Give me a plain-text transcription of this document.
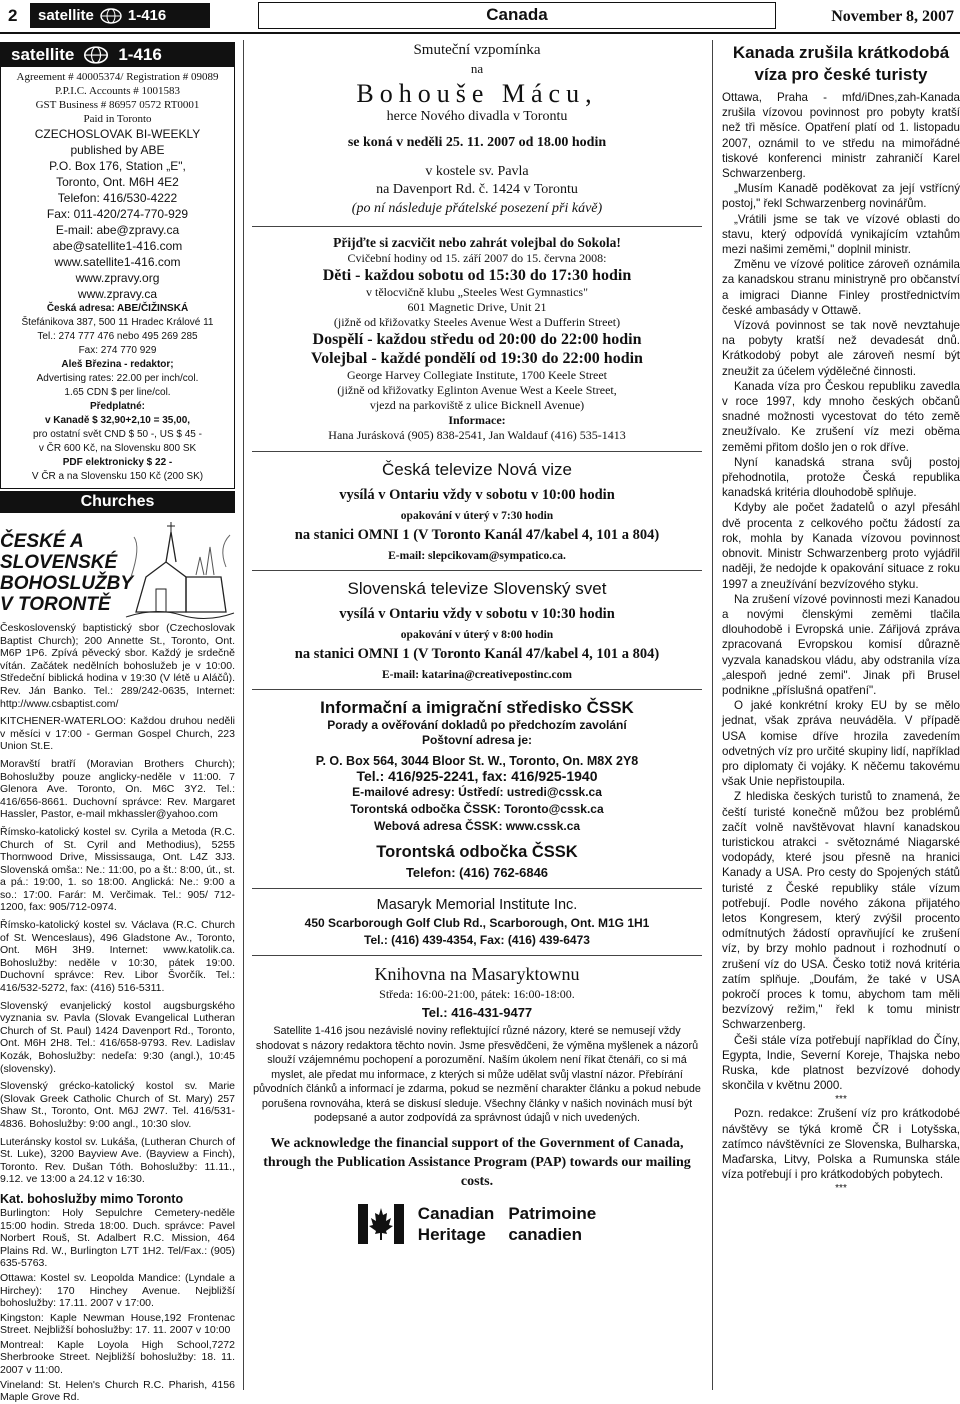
2 satellite 1-416	Canada	November 8, 2007
satellite	1-416

Agreement # 40005374/ Registration # 09089

P.P.I.C. Accounts # 1001583

GST Business # 86957 0572 RT0001

Paid in Toronto

CZECHOSLOVAK BI-WEEKLY

published by ABE

P.O. Box 176, Station „E",

Toronto, Ont. M6H 4E2

Telefon: 416/530-4222

Fax: 011-420/274-770-929

E-mail: abe@zpravy.ca

abe@satellite1-416.com

www.satellite1-416.com

www.zpravy.org

www.zpravy.ca

Česká adresa: ABE/ČIŽINSKÁ

Štefánikova 387, 500 11 Hradec Králové 11

Tel.: 274 777 476 nebo 495 269 285

Fax: 274 770 929

Aleš Březina - redaktor;

Advertising rates: 22.00 per inch/col.

1.65 CDN $ per line/col.

Předplatné:

v Kanadě $ 32,90+2,10 = 35,00,

pro ostatní svět CND $ 50 -, US $ 45 -

v ČR 600 Kč, na Slovensku 800 SK

PDF elektronicky $ 22 -

V ČR a na Slovensku 150 Kč (200 SK)

Churches
ČESKÉ A SLOVENSKÉ BOHOSLUŽBY V TORONTĚ

Československý baptistický sbor (Czechoslovak Baptist Church); 200 Annette St., Toronto, Ont. M6P 1P6. Zpívá pěvecký sbor. Každý je srdečně vítán. Začátek nedělních bohoslužeb je v 10:00. Středeční biblická hodina v 19:30 (V létě u Aláčů). Rev. Ján Banko. Tel.: 289/242-0635, Internet: http://www.csbaptist.com/

KITCHENER-WATERLOO: Každou druhou neděli v měsíci v 17:00 - German Gospel Church, 223 Union St.E.

Moravští bratří (Moravian Brothers Church); Bohoslužby pouze anglicky-neděle v 11:00. 7 Glenora Ave. Toronto, On. M6C 3Y2. Tel.: 416/656-8661. Duchovní správce: Rev. Margaret Hassler, Pastor, e-mail mkhassler@yahoo.com

Římsko-katolický kostel sv. Cyrila a Metoda (R.C. Church of St. Cyril and Methodius), 5255 Thornwood Drive, Mississauga, Ont. L4Z 3J3. Slovenská omša:: Ne.: 11:00, po a št.: 8:00, út., st. a pá.: 19:00, 1. so 18:00. Anglická: Ne.: 9:00 a so.: 17:00. Farár: M. Verčimak. Tel.: 905/ 712-1200, fax: 905/712-0974.

Římsko-katolický kostel sv. Václava (R.C. Church of St. Wenceslaus), 496 Gladstone Av., Toronto, Ont. M6H 3H9. Internet: www.katolik.ca. Bohoslužby: neděle v 10:30, pátek 19:00. Duchovní správce: Rev. Libor Švorčík. Tel.: 416/532-5272, fax: (416) 516-5311.

Slovenský evanjelický kostol augsburgského vyznania sv. Pavla (Slovak Evangelical Lutheran Church of St. Paul) 1424 Davenport Rd., Toronto, Ont. M6H 2H8. Tel.: 416/658-9793. Rev. Ladislav Kozák, Bohoslužby: nedeľa: 9:30 (angl.), 10:45 (slovensky).

Slovenský grécko-katolický kostol sv. Marie (Slovak Greek Catholic Church of St. Mary) 257 Shaw St., Toronto, Ont. M6J 2W7. Tel. 416/531-4836. Bohoslužby: 9:00 angl., 10:30 slov.

Luteránsky kostol sv. Lukáša, (Lutheran Church of St. Luke), 3200 Bayview Ave. (Bayview a Finch), Toronto. Rev. Dušan Tóth. Bohoslužby: 11.11., 9.12. ve 13:00 a 24.12 v 16:30.

Kat. bohoslužby mimo Toronto

Burlington: Holy Sepulchre Cemetery-neděle 15:00 hodin. Streda 18:00. Duch. správce: Pavel Norbert Rouš, St. Adalbert R.C. Mission, 464 Plains Rd. W., Burlington L7T 1H2. Tel/Fax.: (905) 635-5763.

Ottawa: Kostel sv. Leopolda Mandice: (Lyndale a Hirchey): 170 Hinchey Avenue. Nejbližší bohoslužby: 17.11. 2007 v 17:00.

Kingston: Kaple Newman House,192 Frontenac Street. Nejbližší bohoslužby: 17. 11. 2007 v 10:00

Montreal: Kaple Loyola High School,7272 Sherbrooke Street. Nejbližší bohoslužby: 18. 11. 2007 v 11:00.

Vineland: St. Helen's Church R.C. Pharish, 4156 Maple Grove Rd.

Smuteční vzpomínka
na
Bohouše Mácu,
herce Nového divadla v Torontu
se koná v neděli 25. 11. 2007 od 18.00 hodin
v kostele sv. Pavla
na Davenport Rd. č. 1424 v Torontu
(po ní následuje přátelské posezení při kávě)
Přijďte si zacvičit nebo zahrát volejbal do Sokola!
Cvičební hodiny od 15. září 2007 do 15. června 2008:
Děti - každou sobotu od 15:30 do 17:30 hodin
v tělocvičně klubu „Steeles West Gymnastics"
601 Magnetic Drive, Unit 21
(jižně od křižovatky Steeles Avenue West a Dufferin Street)
Dospělí - každou středu od 20:00 do 22:00 hodin
Volejbal - každé pondělí od 19:30 do 22:00 hodin
George Harvey Collegiate Institute, 1700 Keele Street
(jižně od křižovatky Eglinton Avenue West a Keele Street,
vjezd na parkoviště z ulice Bicknell Avenue)
Informace:
Hana Jurásková (905) 838-2541, Jan Waldauf (416) 535-1413
Česká televize Nová vize
vysílá v Ontariu vždy v sobotu v 10:00 hodin
opakování v úterý v 7:30 hodin
na stanici OMNI 1 (V Toronto Kanál 47/kabel 4, 101 a 804)
E-mail: slepcikovam@sympatico.ca.
Slovenská televize Slovenský svet
vysílá v Ontariu vždy v sobotu v 10:30 hodin
opakování v úterý v 8:00 hodin
na stanici OMNI 1 (V Toronto Kanál 47/kabel 4, 101 a 804)
E-mail: katarina@creativepostinc.com
Informační a imigrační středisko ČSSK
Porady a ověřování dokladů po předchozím zavolání
Poštovní adresa je:
P. O. Box 564, 3044 Bloor St. W., Toronto, On. M8X 2Y8
Tel.: 416/925-2241, fax: 416/925-1940
E-mailové adresy: Ústředí: ustredi@cssk.ca
Torontská odbočka ČSSK: Toronto@cssk.ca
Webová adresa ČSSK: www.cssk.ca
Torontská odbočka ČSSK
Telefon: (416) 762-6846
Masaryk Memorial Institute Inc.
450 Scarborough Golf Club Rd., Scarborough, Ont. M1G 1H1
Tel.: (416) 439-4354, Fax: (416) 439-6473
Knihovna na Masaryktownu
Středa: 16:00-21:00, pátek: 16:00-18:00.
Tel.: 416-431-9477
Satellite 1-416 jsou nezávislé noviny reflektující různé názory, které se nemusejí vždy shodovat s názory redaktora těchto novin. Jsme přesvědčeni, že výměna myšlenek a názorů slouží vzájemnému pochopení a porozumění. Naším úkolem není říkat čtenáři, co si má myslet, ale předat mu informace, z kterých si může udělat svůj vlastní názor. Přebírání původních článků a informací je zdarma, pokud se nezmění charakter článku a pokud nebude porušena rovnováha, která se diskusí sleduje. Všechny články v našich novinách musí být podepsané a autor zodpovídá za správnost údajů v nich uvedených.
We acknowledge the financial support of the Government of Canada, through the Publication Assistance Program (PAP) towards our mailing costs.
Canadian
Heritage
Patrimoine
canadien
Kanada zrušila krátkodobá víza pro české turisty

Ottawa, Praha - mfd/iDnes,zah-Kanada zrušila vízovou povinnost pro pobyty kratší než tři měsíce. Opatření platí od 1. listopadu 2007, oznámil to ve středu na mimořádné tiskové konferenci ministr zahraničí Karel Schwarzenberg.

„Musím Kanadě poděkovat za její vstřícný postoj," řekl Schwarzenberg novinářům.

„Vrátili jsme se tak ve vízové oblasti do stavu, který odpovídá vynikajícím vztahům mezi našimi zeměmi," doplnil ministr.

Změnu ve vízové politice zároveň oznámila za kanadskou stranu ministryně pro občanství a imigraci Dianne Finley prostřednictvím české ambasády v Ottawě.

Vízová povinnost se tak nově nevztahuje na pobyty kratší než devadesát dnů. Krátkodobý pobyt ale zároveň nesmí být zneužit za účelem výdělečné činnosti.

Kanada víza pro Českou republiku zavedla v roce 1997, kdy mnoho českých občanů snadné možnosti vycestovat do této země zneužívalo. Ke zrušení víz mezi oběma zeměmi přitom došlo jen o rok dříve.

Nyní kanadská strana svůj postoj přehodnotila, protože Česká republika kanadská kritéria dlouhodobě splňuje.

Kdyby ale počet žadatelů o azyl přesáhl dvě procenta z celkového počtu žádostí za rok, mohla by Kanada vízovou povinnost obnovit. Ministr Schwarzenberg proto vyjádřil naději, že nedojde k opakování situace z roku 1997 a zneužívání bezvízového styku.

Na zrušení vízové povinnosti mezi Kanadou a novými členskými zeměmi tlačila dlouhodobě i Evropská unie. Zářijová zpráva zpracovaná Evropskou komisí důrazně vyzvala kanadskou vládu, aby odstranila víza „alespoň jedné zemi". Jinak při Brusel podnikne „příslušná opatření".

O jaké konkrétní kroky EU by se mělo jednat, však zpráva neuváděla. V případě USA komise dříve hrozila zavedením odvetných víz pro určité skupiny lidí, například pro diplomaty či vojáky. K něčemu takovému však Unie nepřistoupila.

Z hlediska českých turistů to znamená, že čeští turisté konečně můžou bez problémů začít volně navštěvovat hlavní kanadskou turistickou atrakci - světoznámé Niagarské vodopády, které jsou přesně na hranici Kanady a USA. Pro cesty do Spojených států turisté z České republiky stále vízum potřebují. Podle nového zákona přijatého letos Kongresem, který zvýšil procento odmítnutých žádostí opravňující ke zrušení víz, by brzy mohlo padnout i rozhodnutí o zrušení víz do USA. Česko totiž nová kritéria zatím splňuje. „Doufám, že také v USA pokročí proces k tomu, abychom tam měli bezvízový režim," řekl k tomu ministr Schwarzenberg.

Češi stále víza potřebují například do Číny, Egypta, Indie, Severní Koreje, Thajska nebo Ruska, kde platnost bezvízové dohody skončila v květnu 2000.

***

Pozn. redakce: Zrušení víz pro krátkodobé návštěvy se týká kromě ČR i Lotyšska, zatímco návštěvníci ze Slovenska, Bulharska, Maďarska, Litvy, Polska a Rumunska stále víza potřebují i pro krátkodobých pobytech.

***
